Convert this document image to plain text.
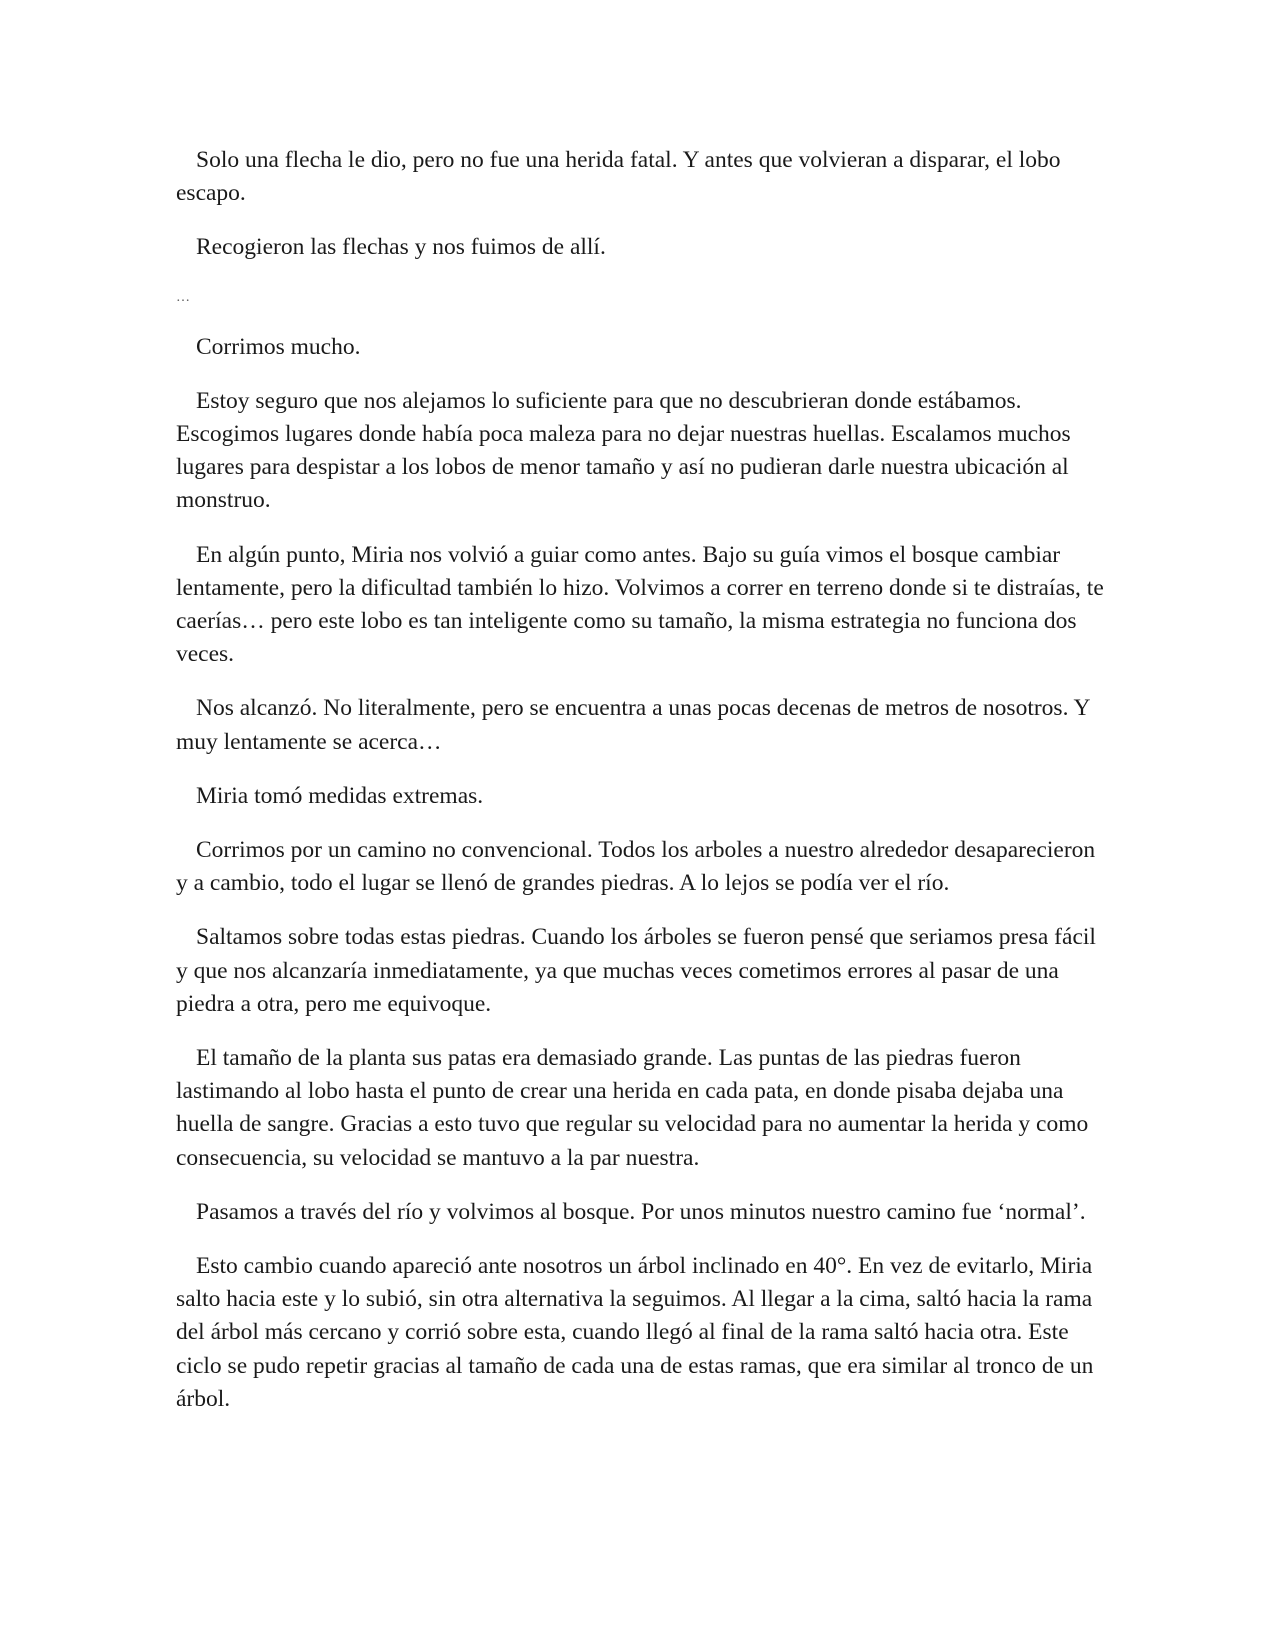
Solo una flecha le dio, pero no fue una herida fatal. Y antes que volvieran a disparar, el lobo escapo.

Recogieron las flechas y nos fuimos de allí.

…

Corrimos mucho.

Estoy seguro que nos alejamos lo suficiente para que no descubrieran donde estábamos. Escogimos lugares donde había poca maleza para no dejar nuestras huellas. Escalamos muchos lugares para despistar a los lobos de menor tamaño y así no pudieran darle nuestra ubicación al monstruo.

En algún punto, Miria nos volvió a guiar como antes. Bajo su guía vimos el bosque cambiar lentamente, pero la dificultad también lo hizo. Volvimos a correr en terreno donde si te distraías, te caerías… pero este lobo es tan inteligente como su tamaño, la misma estrategia no funciona dos veces.

Nos alcanzó. No literalmente, pero se encuentra a unas pocas decenas de metros de nosotros. Y muy lentamente se acerca…

Miria tomó medidas extremas.

Corrimos por un camino no convencional. Todos los arboles a nuestro alrededor desaparecieron y a cambio, todo el lugar se llenó de grandes piedras. A lo lejos se podía ver el río.

Saltamos sobre todas estas piedras. Cuando los árboles se fueron pensé que seriamos presa fácil y que nos alcanzaría inmediatamente, ya que muchas veces cometimos errores al pasar de una piedra a otra, pero me equivoque.

El tamaño de la planta sus patas era demasiado grande. Las puntas de las piedras fueron lastimando al lobo hasta el punto de crear una herida en cada pata, en donde pisaba dejaba una huella de sangre. Gracias a esto tuvo que regular su velocidad para no aumentar la herida y como consecuencia, su velocidad se mantuvo a la par nuestra.

Pasamos a través del río y volvimos al bosque. Por unos minutos nuestro camino fue ‘normal’.

Esto cambio cuando apareció ante nosotros un árbol inclinado en 40°. En vez de evitarlo, Miria salto hacia este y lo subió, sin otra alternativa la seguimos. Al llegar a la cima, saltó hacia la rama del árbol más cercano y corrió sobre esta, cuando llegó al final de la rama saltó hacia otra. Este ciclo se pudo repetir gracias al tamaño de cada una de estas ramas, que era similar al tronco de un árbol.
